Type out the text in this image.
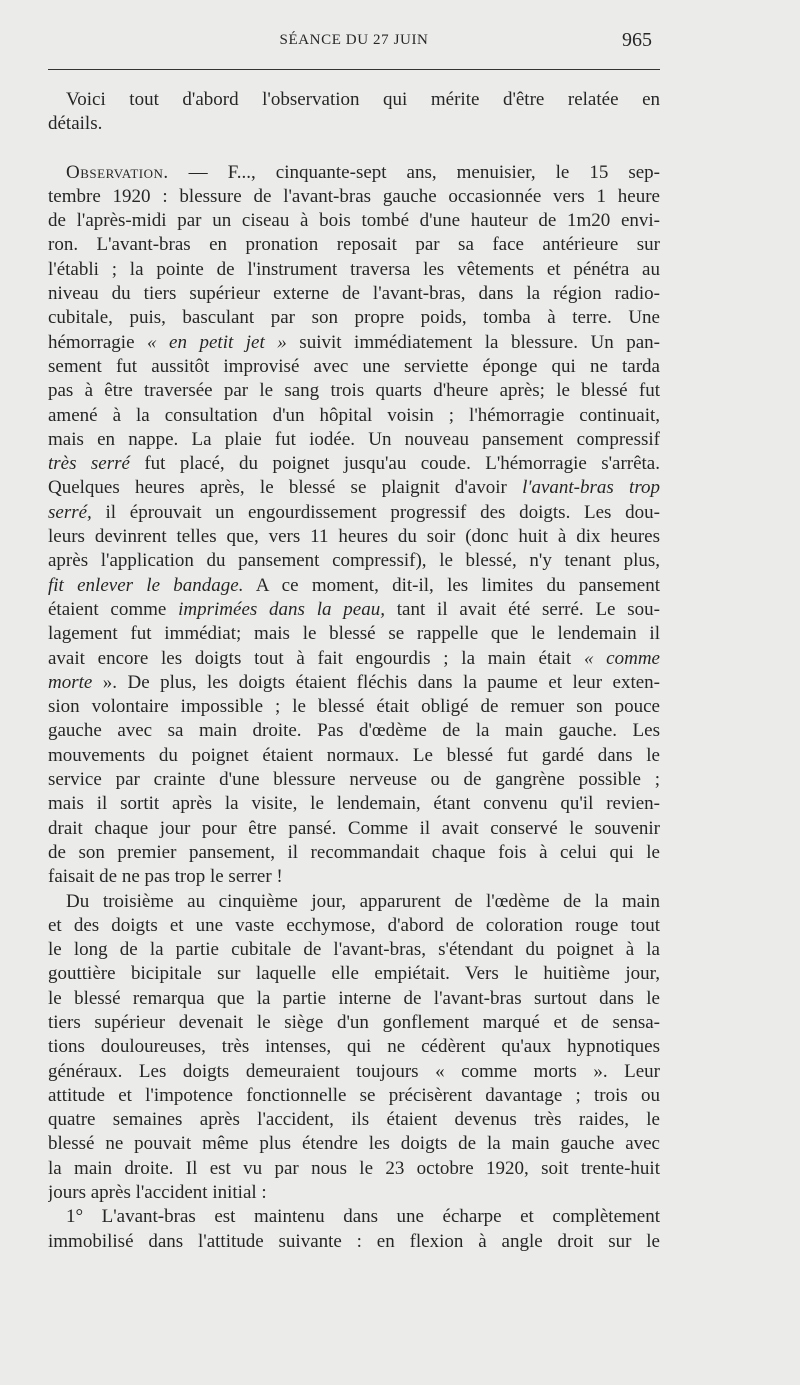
SÉANCE DU 27 JUIN	965
Voici tout d'abord l'observation qui mérite d'être relatée en
détails.
Observation. — F..., cinquante-sept ans, menuisier, le 15 sep-
tembre 1920 : blessure de l'avant-bras gauche occasionnée vers 1 heure
de l'après-midi par un ciseau à bois tombé d'une hauteur de 1m20 envi-
ron. L'avant-bras en pronation reposait par sa face antérieure sur
l'établi ; la pointe de l'instrument traversa les vêtements et pénétra au
niveau du tiers supérieur externe de l'avant-bras, dans la région radio-
cubitale, puis, basculant par son propre poids, tomba à terre. Une
hémorragie « en petit jet » suivit immédiatement la blessure. Un pan-
sement fut aussitôt improvisé avec une serviette éponge qui ne tarda
pas à être traversée par le sang trois quarts d'heure après; le blessé fut
amené à la consultation d'un hôpital voisin ; l'hémorragie continuait,
mais en nappe. La plaie fut iodée. Un nouveau pansement compressif
très serré fut placé, du poignet jusqu'au coude. L'hémorragie s'arrêta.
Quelques heures après, le blessé se plaignit d'avoir l'avant-bras trop
serré, il éprouvait un engourdissement progressif des doigts. Les dou-
leurs devinrent telles que, vers 11 heures du soir (donc huit à dix heures
après l'application du pansement compressif), le blessé, n'y tenant plus,
fit enlever le bandage. A ce moment, dit-il, les limites du pansement
étaient comme imprimées dans la peau, tant il avait été serré. Le sou-
lagement fut immédiat; mais le blessé se rappelle que le lendemain il
avait encore les doigts tout à fait engourdis ; la main était « comme
morte ». De plus, les doigts étaient fléchis dans la paume et leur exten-
sion volontaire impossible ; le blessé était obligé de remuer son pouce
gauche avec sa main droite. Pas d'œdème de la main gauche. Les
mouvements du poignet étaient normaux. Le blessé fut gardé dans le
service par crainte d'une blessure nerveuse ou de gangrène possible ;
mais il sortit après la visite, le lendemain, étant convenu qu'il revien-
drait chaque jour pour être pansé. Comme il avait conservé le souvenir
de son premier pansement, il recommandait chaque fois à celui qui le
faisait de ne pas trop le serrer !
Du troisième au cinquième jour, apparurent de l'œdème de la main
et des doigts et une vaste ecchymose, d'abord de coloration rouge tout
le long de la partie cubitale de l'avant-bras, s'étendant du poignet à la
gouttière bicipitale sur laquelle elle empiétait. Vers le huitième jour,
le blessé remarqua que la partie interne de l'avant-bras surtout dans le
tiers supérieur devenait le siège d'un gonflement marqué et de sensa-
tions douloureuses, très intenses, qui ne cédèrent qu'aux hypnotiques
généraux. Les doigts demeuraient toujours « comme morts ». Leur
attitude et l'impotence fonctionnelle se précisèrent davantage ; trois ou
quatre semaines après l'accident, ils étaient devenus très raides, le
blessé ne pouvait même plus étendre les doigts de la main gauche avec
la main droite. Il est vu par nous le 23 octobre 1920, soit trente-huit
jours après l'accident initial :
1° L'avant-bras est maintenu dans une écharpe et complètement
immobilisé dans l'attitude suivante : en flexion à angle droit sur le
